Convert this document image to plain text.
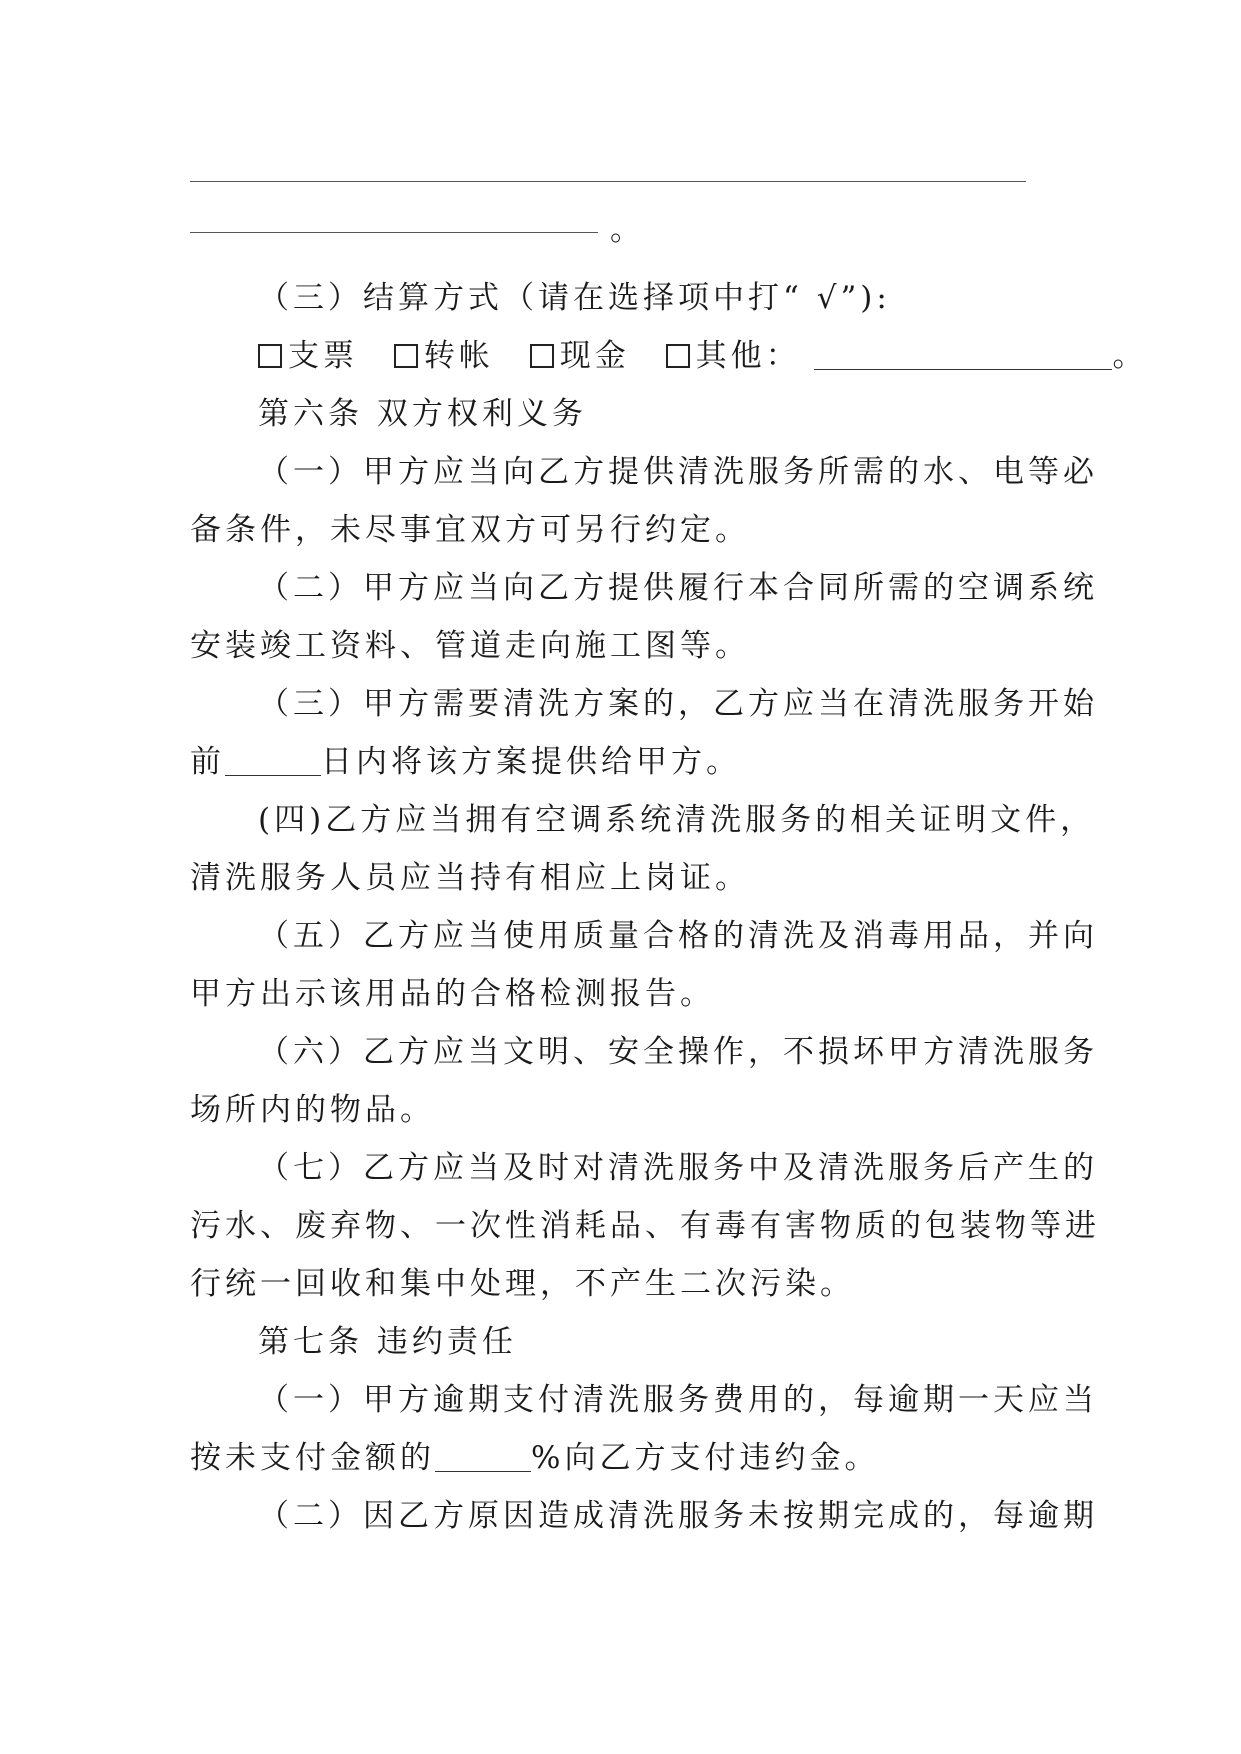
。
（三）结算方式（请在选择项中打“ √”):
支票 转帐 现金 其他：	。
第六条 双方权利义务
（一）甲方应当向乙方提供清洗服务所需的水、电等必
备条件，未尽事宜双方可另行约定。
（二）甲方应当向乙方提供履行本合同所需的空调系统
安装竣工资料、管道走向施工图等。
（三）甲方需要清洗方案的，乙方应当在清洗服务开始
前	日内将该方案提供给甲方。
(四)乙方应当拥有空调系统清洗服务的相关证明文件，
清洗服务人员应当持有相应上岗证。
（五）乙方应当使用质量合格的清洗及消毒用品，并向
甲方出示该用品的合格检测报告。
（六）乙方应当文明、安全操作，不损坏甲方清洗服务
场所内的物品。
（七）乙方应当及时对清洗服务中及清洗服务后产生的
污水、废弃物、一次性消耗品、有毒有害物质的包装物等进
行统一回收和集中处理，不产生二次污染。
第七条 违约责任
（一）甲方逾期支付清洗服务费用的，每逾期一天应当
按未支付金额的	%向乙方支付违约金。
（二）因乙方原因造成清洗服务未按期完成的，每逾期
